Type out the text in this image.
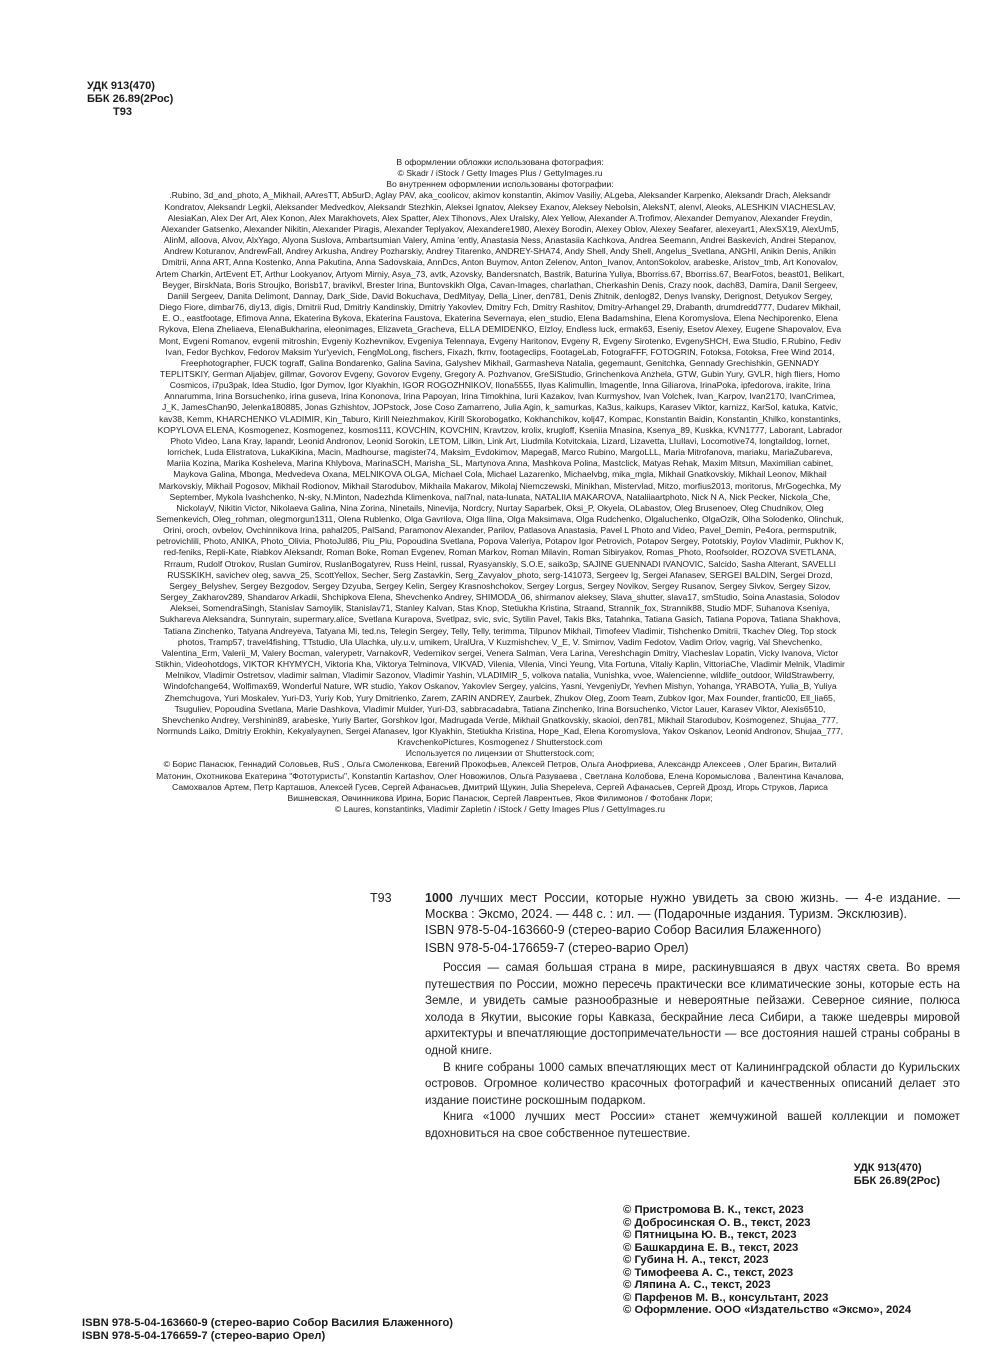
УДК 913(470)
ББК 26.89(2Рос)
Т93

В оформлении обложки использована фотография:

© Skadr / iStock / Getty Images Plus / GettyImages.ru

Во внутреннем оформлении использованы фотографии:

.Rubino, 3d_and_photo, A_Mikhail, AAresTT, Ab5urD, Aglay PAV, aka_coolicov, akimov konstantin, Akimov Vasiliy, ALgeba, Aleksander Karpenko, Aleksandr Drach, Aleksandr Kondratov, Aleksandr Legkii, Aleksander Medvedkov, Aleksandr Stezhkin, Aleksei Ignatov, Aleksey Exanov, Aleksey Nebolsin, AleksNT, alenvl, Aleoks, ALESHKIN VIACHESLAV, AlesiaKan, Alex Der Art, Alex Konon, Alex Marakhovets, Alex Spatter, Alex Tihonovs, Alex Uralsky, Alex Yellow, Alexander A.Trofimov, Alexander Demyanov, Alexander Freydin, Alexander Gatsenko, Alexander Nikitin, Alexander Piragis, Alexander Teplyakov, Alexandere1980, Alexey Borodin, Alexey Oblov, Alexey Seafarer, alexeyart1, AlexSX19, AlexUm5, AlinM, alloova, Alvov, AlxYago, Alyona Suslova, Ambartsumian Valery, Amina 'ently, Anastasia Ness, Anastasiia Kachkova, Andrea Seemann, Andrei Baskevich, Andrei Stepanov, Andrew Koturanov, AndrewFall, Andrey Arkusha, Andrey Pozharskiy, Andrey Titarenko, ANDREY-SHA74, Andy Shell, Andy Shell, Angelus_Svetlana, ANGHI, Anikin Denis, Anikin Dmitrii, Anna ART, Anna Kostenko, Anna Pakutina, Anna Sadovskaia, AnnDcs, Anton Buymov, Anton Zelenov, Anton_Ivanov, AntonSokolov, arabeske, Aristov_tmb, Art Konovalov, Artem Charkin, ArtEvent ET, Arthur Lookyanov, Artyom Mirniy, Asya_73, avtk, Azovsky, Bandersnatch, Bastrik, Baturina Yuliya, Bborriss.67, Bborriss.67, BearFotos, beast01, Belikart, Beyger, BirskNata, Boris Stroujko, Borisb17, bravikvl, Brester Irina, Buntovskikh Olga, Cavan-Images, charlathan, Cherkashin Denis, Crazy nook, dach83, Damira, Danil Sergeev, Daniil Sergeev, Danita Delimont, Dannay, Dark_Side, David Bokuchava, DedMityay, Della_Liner, den781, Denis Zhitnik, denlog82, Denys Ivansky, Derignost, Detyukov Sergey, Diego Fiore, dimbar76, diy13, digis, Dmitrii Rud, Dmitriy Kandinskiy, Dmitriy Yakovlev, Dmitry Fch, Dmitry Rashitov, Dmitry-Arhangel 29, Drabanth, drumdredd777, Dudarev Mikhail, E. O., eastfootage, Efimova Anna, Ekaterina Bykova, Ekaterina Faustova, Ekaterina Severnaya, elen_studio, Elena Badamshina, Elena Koromyslova, Elena Nechiporenko, Elena Rykova, Elena Zheliaeva, ElenaBukharina, eleonimages, Elizaveta_Gracheva, ELLA DEMIDENKO, Elzloy, Endless luck, ermak63, Eseniy, Esetov Alexey, Eugene Shapovalov, Eva Mont, Evgeni Romanov, evgenii mitroshin, Evgeniy Kozhevnikov, Evgeniya Telennaya, Evgeny Haritonov, Evgeny R, Evgeny Sirotenko, EvgenySHCH, Ewa Studio, F.Rubino, Fediv Ivan, Fedor Bychkov, Fedorov Maksim Yur'yevich, FengMoLong, fischers, Fixazh, fkrnv, footageclips, FootageLab, FotograFFF, FOTOGRIN, Fotoksa, Fotoksa, Free Wind 2014, Freephotographer, FUCK tograff, Galina Bondarenko, Galina Savina, Galyshev Mikhail, Garmasheva Natalia, gegemaunt, Genitchka, Gennady Grechishkin, GENNADY TEPLITSKIY, German Aljabjev, gillmar, Govorov Evgeny, Govorov Evgeny, Gregory A. Pozhvanov, GreSiStudio, Grinchenkova Anzhela, GTW, Gubin Yury, GVLR, high fliers, Homo Cosmicos, i7pu3pak, Idea Studio, Igor Dymov, Igor Klyakhin, IGOR ROGOZHNIKOV, Ilona5555, Ilyas Kalimullin, Imagentle, Inna Giliarova, IrinaPoka, ipfedorova, irakite, Irina Annarumma, Irina Borsuchenko, irina guseva, Irina Kononova, Irina Papoyan, Irina Timokhina, Iurii Kazakov, Ivan Kurmyshov, Ivan Volchek, Ivan_Karpov, Ivan2170, IvanCrimea, J_K, JamesChan90, Jelenka180885, Jonas Gzhishtov, JOPstock, Jose Coso Zamarreno, Julia Agin, k_samurkas, Ka3us, kaikups, Karasev Viktor, karnizz, KarSol, katuka, Katvic, kav38, Kemm, KHARCHENKO VLADIMIR, Kin_Taburo, Kirill Neiezhmakov, Kirill Skorobogatko, Kokhanchikov, kolj47, Kompac, Konstantin Baidin, Konstantin_Khilko, konstantinks, KOPYLOVA ELENA, Kosmogenez, Kosmogenez, kosmos111, KOVCHIN, KOVCHIN, Kravtzov, krolix, krugloff, Kseniia Mnasina, Ksenya_89, Kuskka, KVN1777, Laborant, Labrador Photo Video, Lana Kray, lapandr, Leonid Andronov, Leonid Sorokin, LETOM, Lilkin, Link Art, Liudmila Kotvitckaia, Lizard, Lizavetta, LIuIlavi, Locomotive74, longtaildog, lornet, lorrichek, Luda Elistratova, LukaKikina, Macin, Madhourse, magister74, Maksim_Evdokimov, Mapega8, Marco Rubino, MargoLLL, Maria Mitrofanova, mariaku, MariaZubareva, Mariia Kozina, Marika Kosheleva, Marina Khlybova, MarinaSCH, Marisha_SL, Martynova Anna, Mashkova Polina, Mastclick, Matyas Rehak, Maxim Mitsun, Maximilian cabinet, Maykova Galina, Mbonga, Medvedeva Oxana, MELNIKOVA OLGA, Michael Cola, Michael Lazarenko, Michaelvbg, mika_mgla, Mikhail Gnatkovskiy, Mikhail Leonov, Mikhail Markovskiy, Mikhail Pogosov, Mikhail Rodionov, Mikhail Starodubov, Mikhaila Makarov, Mikolaj Niemczewski, Minikhan, Mistervlad, Mitzo, morfius2013, moritorus, MrGogechka, My September, Mykola Ivashchenko, N-sky, N.Minton, Nadezhda Klimenkova, nal7nal, nata-lunata, NATALIIA MAKAROVA, Nataliiaartphoto, Nick N A, Nick Pecker, Nickola_Che, NickolayV, Nikitin Victor, Nikolaeva Galina, Nina Zorina, Ninetails, Ninevija, Nordcry, Nurtay Saparbek, Oksi_P, Okyela, OLabastov, Oleg Brusenoev, Oleg Chudnikov, Oleg Semenkevich, Oleg_rohman, olegmorgun1311, Olena Rublenko, Olga Gavrilova, Olga Ilina, Olga Maksimava, Olga Rudchenko, Olgaluchenko, OlgaOzik, Olha Solodenko, Olinchuk, Orini, oroch, ovbelov, Ovchinnikova Irina, pahal205, PalSand, Paramonov Alexander, Parilov, Patlasova Anastasia, Pavel L Photo and Video, Pavel_Demin, Pe4ora, permsputnik, petrovichlili, Photo, ANIKA, Photo_Olivia, PhotoJul86, Piu_Piu, Popoudina Svetlana, Popova Valeriya, Potapov Igor Petrovich, Potapov Sergey, Pototskiy, Poylov Vladimir, Pukhov K, red-feniks, Repli-Kate, Riabkov Aleksandr, Roman Boke, Roman Evgenev, Roman Markov, Roman Milavin, Roman Sibiryakov, Romas_Photo, Roofsolder, ROZOVA SVETLANA, Rrraum, Rudolf Otrokov, Ruslan Gumirov, RuslanBogatyrev, Russ Heinl, russal, Ryasyanskiy, S.O.E, saiko3p, SAJINE GUENNADI IVANOVIC, Salcido, Sasha Alterant, SAVELLI RUSSKIKH, savichev oleg, savva_25, ScottYellox, Secher, Serg Zastavkin, Serg_Zavyalov_photo, serg-141073, Sergeev Ig, Sergei Afanasev, SERGEI BALDIN, Sergei Drozd, Sergey_Belyshev, Sergey Bezgodov, Sergey Dzyuba, Sergey Kelin, Sergey Krasnoshchokov, Sergey Lorgus, Sergey Novikov, Sergey Rusanov, Sergey Sivkov, Sergey Sizov, Sergey_Zakharov289, Shandarov Arkadii, Shchipkova Elena, Shevchenko Andrey, SHIMODA_06, shirmanov aleksey, Slava_shutter, slava17, smStudio, Soina Anastasia, Solodov Aleksei, SomendraSingh, Stanislav Samoylik, Stanislav71, Stanley Kalvan, Stas Knop, Stetiukha Kristina, Straand, Strannik_fox, Strannik88, Studio MDF, Suhanova Kseniya, Sukhareva Aleksandra, Sunnyrain, supermary.alice, Svetlana Kurapova, Svetlpaz, svic, svic, Sytilin Pavel, Takis Bks, Tatahnka, Tatiana Gasich, Tatiana Popova, Tatiana Shakhova, Tatiana Zinchenko, Tatyana Andreyeva, Tatyana Mi, ted.ns, Telegin Sergey, Telly, Telly, terimma, Tilpunov Mikhail, Timofeev Vladimir, Tishchenko Dmitrii, Tkachev Oleg, Top stock photos, Tramp57, travel4fishing, TTstudio, Ula Ulachka, uly.u.v, umikem, UralUra, V Kuzmishchev, V_E, V. Smirnov, Vadim Fedotov, Vadim Orlov, vagrig, Val Shevchenko, Valentina_Erm, Valerii_M, Valery Bocman, valerypetr, VarnakovR, Vedernikov sergei, Venera Salman, Vera Larina, Vereshchagin Dmitry, Viacheslav Lopatin, Vicky Ivanova, Victor Stikhin, Videohotdogs, VIKTOR KHYMYCH, Viktoria Kha, Viktorya Telminova, VIKVAD, Vilenia, Vilenia, Vinci Yeung, Vita Fortuna, Vitaliy Kaplin, VittoriaChe, Vladimir Melnik, Vladimir Melnikov, Vladimir Ostretsov, vladimir salman, Vladimir Sazonov, Vladimir Yashin, VLADIMIR_5, volkova natalia, Vunishka, vvoe, Walencienne, wildlife_outdoor, WildStrawberry, Windofchange64, Wolfimax69, Wonderful Nature, WR studio, Yakov Oskanov, Yakovlev Sergey, yalcins, Yasni, YevgeniyDr, Yevhen Mishyn, Yohanga, YRABOTA, Yulia_B, Yuliya Zhemchugova, Yuri Moskalev, Yuri-D3, Yuriy Kob, Yury Dmitrienko, Zarem, ZARIN ANDREY, Zaurbek, Zhukov Oleg, Zoom Team, Zubkov Igor, Max Founder, frantic00, Ell_lia65, Tsuguliev, Popoudina Svetlana, Marie Dashkova, Vladimir Mulder, Yuri-D3, sabbracadabra, Tatiana Zinchenko, Irina Borsuchenko, Victor Lauer, Karasev Viktor, Alexis6510, Shevchenko Andrey, Vershinin89, arabeske, Yuriy Barter, Gorshkov Igor, Madrugada Verde, Mikhail Gnatkovskiy, skaoioi, den781, Mikhail Starodubov, Kosmogenez, Shujaa_777, Normunds Laiko, Dmitriy Erokhin, Kekyalyaynen, Sergei Afanasev, Igor Klyakhin, Stetiukha Kristina, Hope_Kad, Elena Koromyslova, Yakov Oskanov, Leonid Andronov, Shujaa_777, KravchenkoPictures, Kosmogenez / Shutterstock.com

Используется по лицензии от Shutterstock.com;

© Борис Панасюк, Геннадий Соловьев, RuS , Ольга Смоленкова, Евгений Прокофьев, Алексей Петров, Ольга Анофриева, Александр Алексеев , Олег Брагин, Виталий Матонин, Охотникова Екатерина "Фототуристы", Konstantin Kartashov, Олег Новожилов, Ольга Разуваева , Светлана Колобова, Елена Коромыслова , Валентина Качалова, Самохвалов Артем, Петр Карташов, Алексей Гусев, Сергей Афанасьев, Дмитрий Щукин, Julia Shepeleva, Сергей Афанасьев, Сергей Дрозд, Игорь Струков, Лариса Вишневская, Овчинникова Ирина, Борис Панасюк, Сергей Лаврентьев, Яков Филимонов / Фотобанк Лори;

© Laures, konstantinks, Vladimir Zapletin / iStock / Getty Images Plus / GettyImages.ru

Т93	1000 лучших мест России, которые нужно увидеть за свою жизнь. — 4-е издание. — Москва : Эксмо, 2024. — 448 с. : ил. — (Подарочные издания. Туризм. Эксклюзив).

ISBN 978-5-04-163660-9 (стерео-варио Собор Василия Блаженного)

ISBN 978-5-04-176659-7 (стерео-варио Орел)

Россия — самая большая страна в мире, раскинувшаяся в двух частях света. Во время путешествия по России, можно пересечь практически все климатические зоны, которые есть на Земле, и увидеть самые разнообразные и невероятные пейзажи. Северное сияние, полюса холода в Якутии, высокие горы Кавказа, бескрайние леса Сибири, а также шедевры мировой архитектуры и впечатляющие достопримечательности — все достояния нашей страны собраны в одной книге.

В книге собраны 1000 самых впечатляющих мест от Калининградской области до Курильских островов. Огромное количество красочных фотографий и качественных описаний делает это издание поистине роскошным подарком.

Книга «1000 лучших мест России» станет жемчужиной вашей коллекции и поможет вдохновиться на свое собственное путешествие.

УДК 913(470)
ББК 26.89(2Рос)
© Пристромова В. К., текст, 2023
© Добросинская О. В., текст, 2023
© Пятницына Ю. В., текст, 2023
© Башкардина Е. В., текст, 2023
© Губина Н. А., текст, 2023
© Тимофеева А. С., текст, 2023
© Ляпина А. С., текст, 2023
© Парфенов М. В., консультант, 2023
© Оформление. ООО «Издательство «Эксмо», 2024
ISBN 978-5-04-163660-9 (стерео-варио Собор Василия Блаженного)
ISBN 978-5-04-176659-7 (стерео-варио Орел)
